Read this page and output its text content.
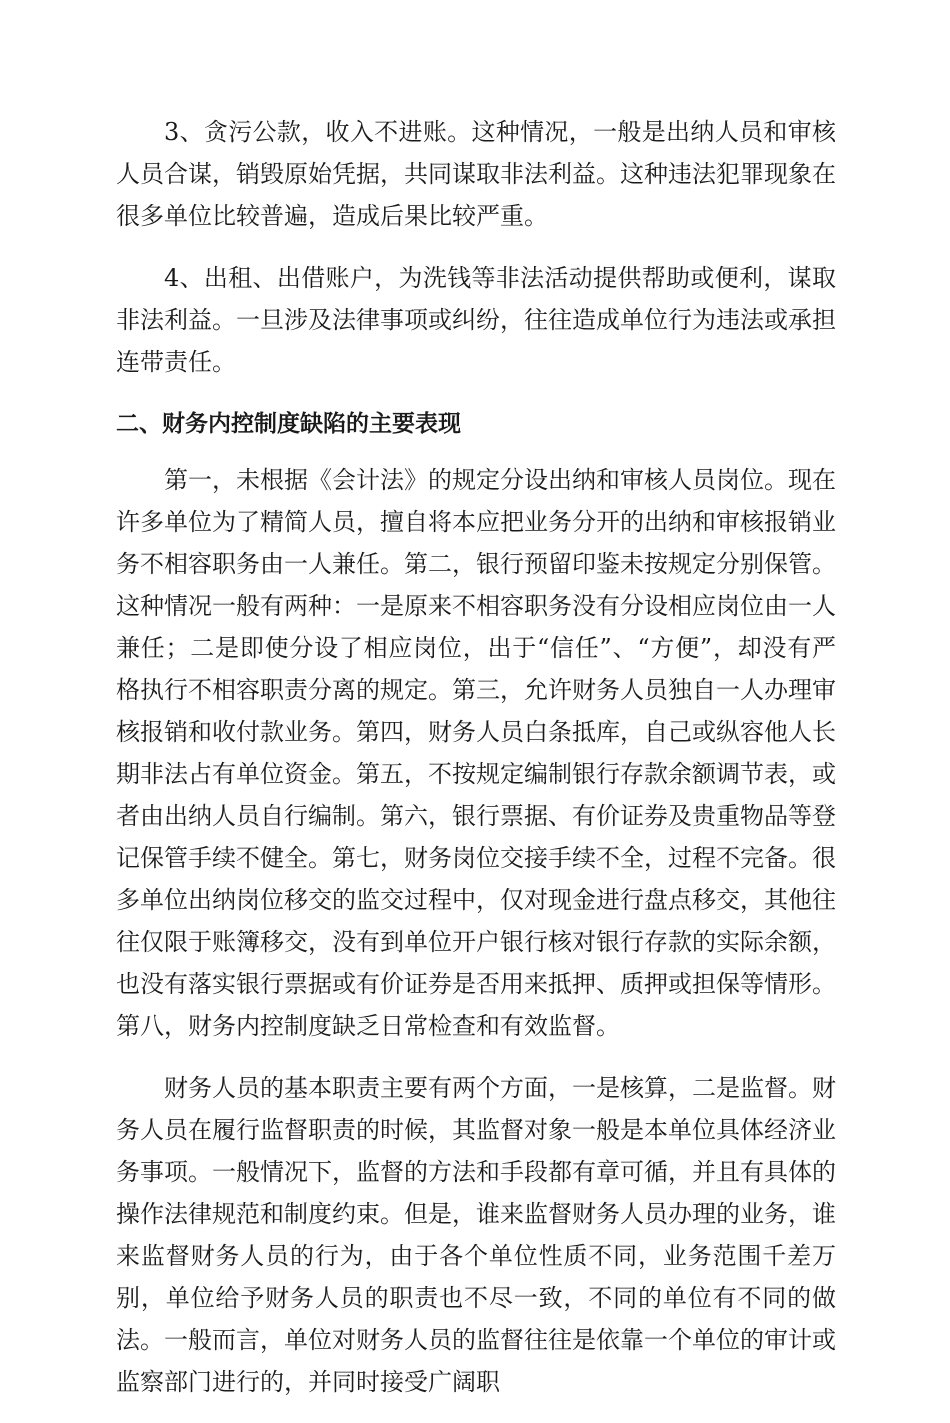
3、贪污公款，收入不进账。这种情况，一般是出纳人员和审核人员合谋，销毁原始凭据，共同谋取非法利益。这种违法犯罪现象在很多单位比较普遍，造成后果比较严重。

4、出租、出借账户，为洗钱等非法活动提供帮助或便利，谋取非法利益。一旦涉及法律事项或纠纷，往往造成单位行为违法或承担连带责任。

二、财务内控制度缺陷的主要表现

第一，未根据《会计法》的规定分设出纳和审核人员岗位。现在许多单位为了精简人员，擅自将本应把业务分开的出纳和审核报销业务不相容职务由一人兼任。第二，银行预留印鉴未按规定分别保管。这种情况一般有两种：一是原来不相容职务没有分设相应岗位由一人兼任；二是即使分设了相应岗位，出于“信任”、“方便”，却没有严格执行不相容职责分离的规定。第三，允许财务人员独自一人办理审核报销和收付款业务。第四，财务人员白条抵库，自己或纵容他人长期非法占有单位资金。第五，不按规定编制银行存款余额调节表，或者由出纳人员自行编制。第六，银行票据、有价证券及贵重物品等登记保管手续不健全。第七，财务岗位交接手续不全，过程不完备。很多单位出纳岗位移交的监交过程中，仅对现金进行盘点移交，其他往往仅限于账簿移交，没有到单位开户银行核对银行存款的实际余额，也没有落实银行票据或有价证券是否用来抵押、质押或担保等情形。第八，财务内控制度缺乏日常检查和有效监督。

财务人员的基本职责主要有两个方面，一是核算，二是监督。财务人员在履行监督职责的时候，其监督对象一般是本单位具体经济业务事项。一般情况下，监督的方法和手段都有章可循，并且有具体的操作法律规范和制度约束。但是，谁来监督财务人员办理的业务，谁来监督财务人员的行为，由于各个单位性质不同，业务范围千差万别，单位给予财务人员的职责也不尽一致，不同的单位有不同的做法。一般而言，单位对财务人员的监督往往是依靠一个单位的审计或监察部门进行的，并同时接受广阔职
